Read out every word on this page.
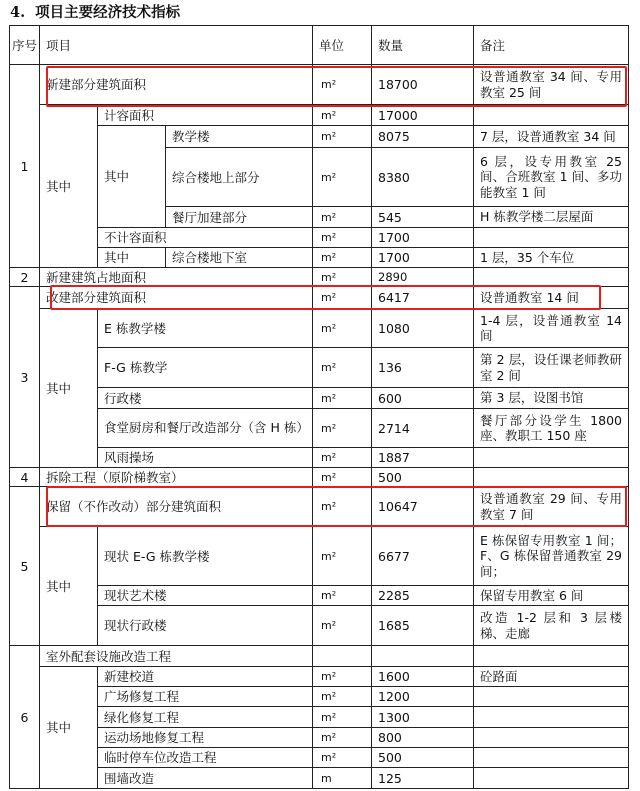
4. 项目主要经济技术指标
序号	项目			单位	数量	备注
1	新建部分建筑面积			m²	18700	设普通教室 34 间、专用教室 25 间
	其中	计容面积		m²	17000	
		其中	教学楼	m²	8075	7 层，设普通教室 34 间
			综合楼地上部分	m²	8380	6 层，设专用教室 25 间、合班教室 1 间、多功能教室 1 间

			餐厅加建部分	m²	545	H 栋教学楼二层屋面
		不计容面积		m²	1700	
		其中	综合楼地下室	m²	1700	1 层，35 个车位
2	新建建筑占地面积			m²	2890	
3	改建部分建筑面积			m²	6417	设普通教室 14 间
	其中	E 栋教学楼		m²	1080	1-4 层，设普通教室 14 间
		F-G 栋教学		m²	136	第 2 层，设任课老师教研室 2 间
		行政楼		m²	600	第 3 层，设图书馆
		食堂厨房和餐厅改造部分（含 H 栋）		m²	2714	餐厅部分设学生 1800 座、教职工 150 座
		风雨操场		m²	1887	
4	拆除工程（原阶梯教室）			m²	500	
5	保留（不作改动）部分建筑面积			m²	10647	设普通教室 29 间、专用教室 7 间
	其中	现状 E-G 栋教学楼		m²	6677	E 栋保留专用教室 1 间；F、G 栋保留普通教室 29 间；
		现状艺术楼		m²	2285	保留专用教室 6 间
		现状行政楼		m²	1685	改造 1-2 层和 3 层楼梯、走廊
6	室外配套设施改造工程					
	其中	新建校道		m²	1600	砼路面
		广场修复工程		m²	1200	
		绿化修复工程		m²	1300	
		运动场地修复工程		m²	800	
		临时停车位改造工程		m²	500	
		围墙改造		m	125	
